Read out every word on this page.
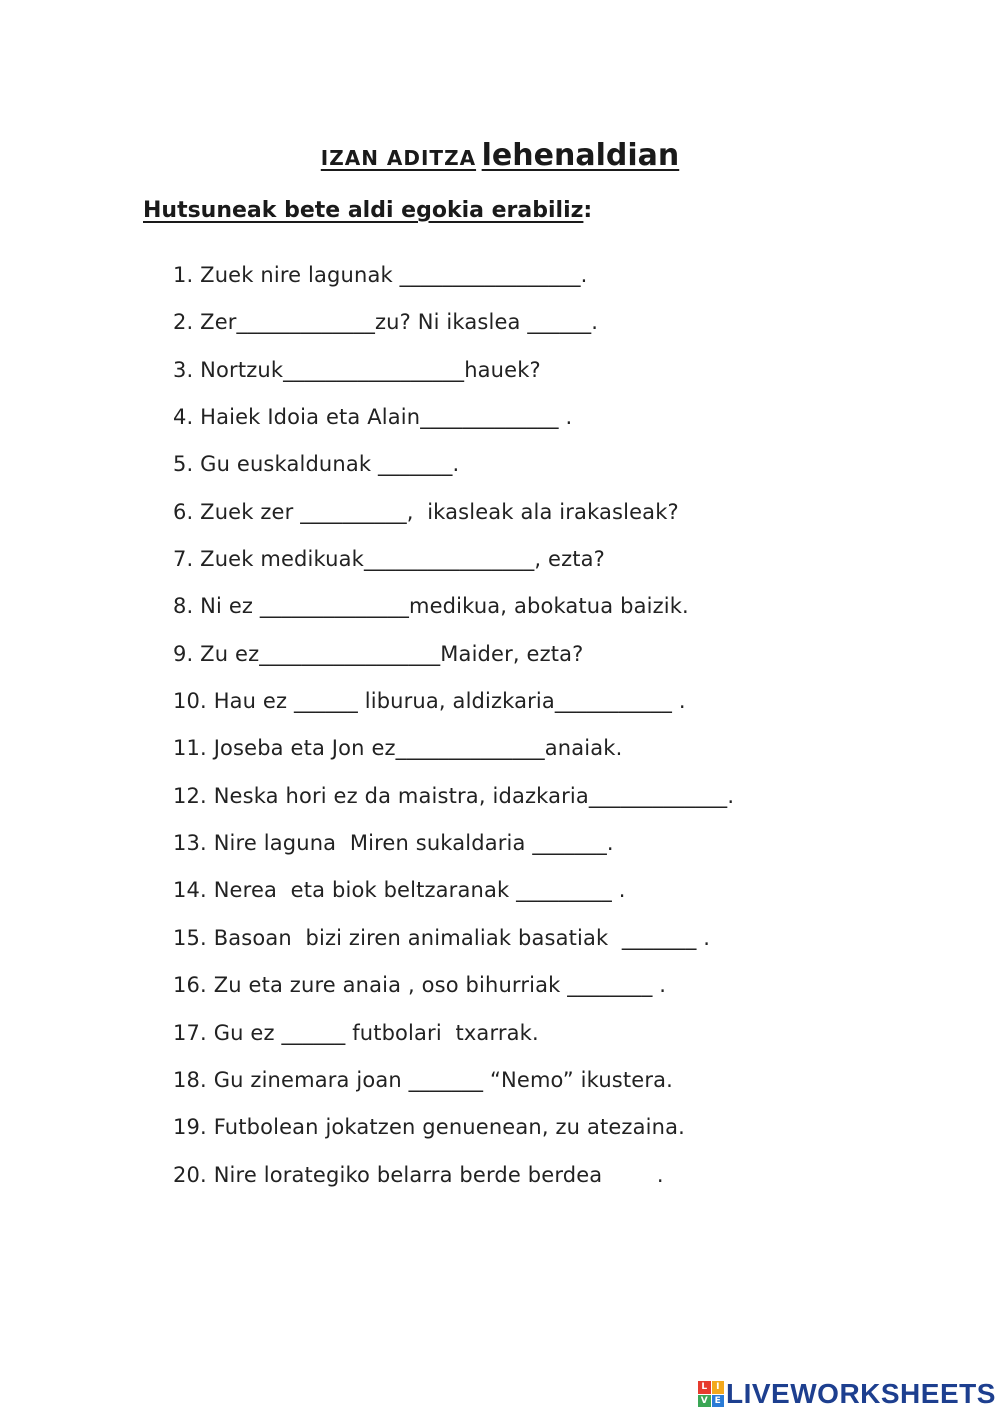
IZAN ADITZA lehenaldian
Hutsuneak bete aldi egokia erabiliz:
1. Zuek nire lagunak _________________.
2. Zer_____________zu? Ni ikaslea ______.
3. Nortzuk_________________hauek?
4. Haiek Idoia eta Alain_____________ .
5. Gu euskaldunak _______.
6. Zuek zer __________,  ikasleak ala irakasleak?
7. Zuek medikuak________________, ezta?
8. Ni ez ______________medikua, abokatua baizik.
9. Zu ez_________________Maider, ezta?
10. Hau ez ______ liburua, aldizkaria___________ .
11. Joseba eta Jon ez______________anaiak.
12. Neska hori ez da maistra, idazkaria_____________.
13. Nire laguna  Miren sukaldaria _______.
14. Nerea  eta biok beltzaranak _________ .
15. Basoan  bizi ziren animaliak basatiak  _______ .
16. Zu eta zure anaia , oso bihurriak ________ .
17. Gu ez ______ futbolari  txarrak.
18. Gu zinemara joan _______ “Nemo” ikustera.
19. Futbolean jokatzen genuenean, zu atezaina.
20. Nire lorategiko belarra berde berdea        .
L I
V E LIVEWORKSHEETS
